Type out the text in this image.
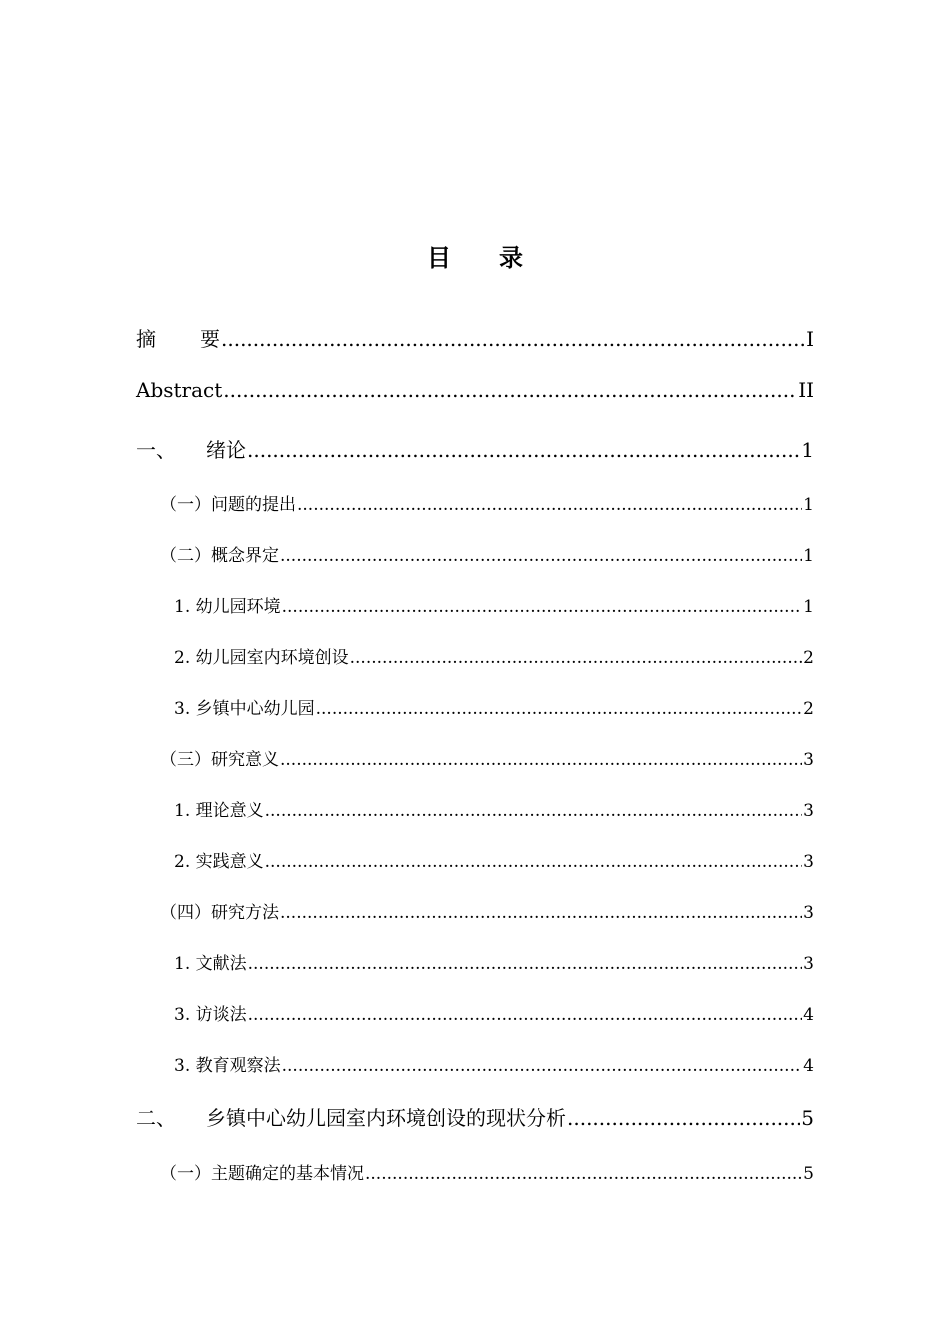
目 录
摘 要 .....	I
Abstract .....	II
一、 绪论 .....	1
（一）问题的提出 .....	1
（二）概念界定 .....	1
1. 幼儿园环境 .....	1
2. 幼儿园室内环境创设 .....	2
3. 乡镇中心幼儿园 .....	2
（三）研究意义 .....	3
1. 理论意义 .....	3
2. 实践意义 .....	3
（四）研究方法 .....	3
1. 文献法 .....	3
3. 访谈法 .....	4
3. 教育观察法 .....	4
二、 乡镇中心幼儿园室内环境创设的现状分析 .....	5
（一）主题确定的基本情况 .....	5
